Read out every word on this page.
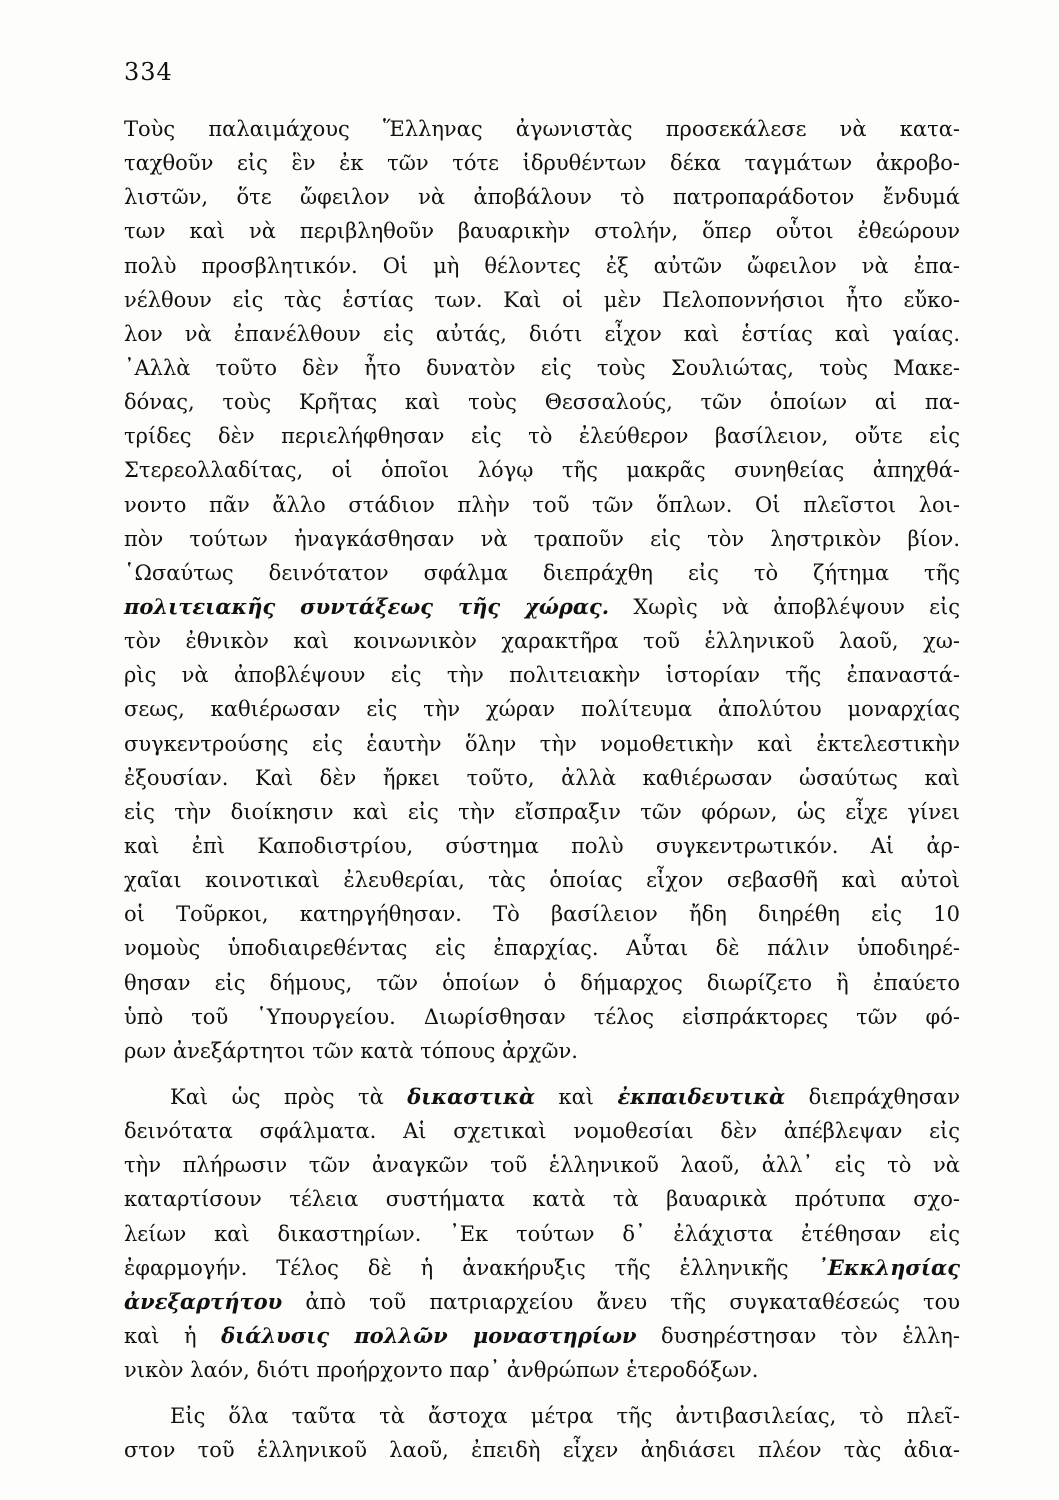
334
Τοὺς παλαιμάχους Ἕλληνας ἀγωνιστὰς προσεκάλεσε νὰ κατα-
ταχθοῦν εἰς ἓν ἐκ τῶν τότε ἱδρυθέντων δέκα ταγμάτων ἀκροβο-
λιστῶν, ὅτε ὤφειλον νὰ ἀποβάλουν τὸ πατροπαράδοτον ἔνδυμά
των καὶ νὰ περιβληθοῦν βαυαρικὴν στολήν, ὅπερ οὗτοι ἐθεώρουν
πολὺ προσβλητικόν. Οἱ μὴ θέλοντες ἐξ αὐτῶν ὤφειλον νὰ ἐπα-
νέλθουν εἰς τὰς ἑστίας των. Καὶ οἱ μὲν Πελοποννήσιοι ἦτο εὔκο-
λον νὰ ἐπανέλθουν εἰς αὐτάς, διότι εἶχον καὶ ἑστίας καὶ γαίας.
᾿Αλλὰ τοῦτο δὲν ἦτο δυνατὸν εἰς τοὺς Σουλιώτας, τοὺς Μακε-
δόνας, τοὺς Κρῆτας καὶ τοὺς Θεσσαλούς, τῶν ὁποίων αἱ πα-
τρίδες δὲν περιελήφθησαν εἰς τὸ ἐλεύθερον βασίλειον, οὔτε εἰς
Στερεολλαδίτας, οἱ ὁποῖοι λόγῳ τῆς μακρᾶς συνηθείας ἀπηχθά-
νοντο πᾶν ἄλλο στάδιον πλὴν τοῦ τῶν ὅπλων. Οἱ πλεῖστοι λοι-
πὸν τούτων ἠναγκάσθησαν νὰ τραποῦν εἰς τὸν ληστρικὸν βίον.
῾Ωσαύτως δεινότατον σφάλμα διεπράχθη εἰς τὸ ζήτημα τῆς
πολιτειακῆς συντάξεως τῆς χώρας. Χωρὶς νὰ ἀποβλέψουν εἰς
τὸν ἐθνικὸν καὶ κοινωνικὸν χαρακτῆρα τοῦ ἑλληνικοῦ λαοῦ, χω-
ρὶς νὰ ἀποβλέψουν εἰς τὴν πολιτειακὴν ἱστορίαν τῆς ἐπαναστά-
σεως, καθιέρωσαν εἰς τὴν χώραν πολίτευμα ἀπολύτου μοναρχίας
συγκεντρούσης εἰς ἑαυτὴν ὅλην τὴν νομοθετικὴν καὶ ἐκτελεστικὴν
ἐξουσίαν. Καὶ δὲν ἤρκει τοῦτο, ἀλλὰ καθιέρωσαν ὡσαύτως καὶ
εἰς τὴν διοίκησιν καὶ εἰς τὴν εἴσπραξιν τῶν φόρων, ὡς εἶχε γίνει
καὶ ἐπὶ Καποδιστρίου, σύστημα πολὺ συγκεντρωτικόν. Αἱ ἀρ-
χαῖαι κοινοτικαὶ ἐλευθερίαι, τὰς ὁποίας εἶχον σεβασθῆ καὶ αὐτοὶ
οἱ Τοῦρκοι, κατηργήθησαν. Τὸ βασίλειον ἤδη διηρέθη εἰς 10
νομοὺς ὑποδιαιρεθέντας εἰς ἐπαρχίας. Αὗται δὲ πάλιν ὑποδιηρέ-
θησαν εἰς δήμους, τῶν ὁποίων ὁ δήμαρχος διωρίζετο ἢ ἐπαύετο
ὑπὸ τοῦ ῾Υπουργείου. Διωρίσθησαν τέλος εἰσπράκτορες τῶν φό-
ρων ἀνεξάρτητοι τῶν κατὰ τόπους ἀρχῶν.
Καὶ ὡς πρὸς τὰ δικαστικὰ καὶ ἐκπαιδευτικὰ διεπράχθησαν
δεινότατα σφάλματα. Αἱ σχετικαὶ νομοθεσίαι δὲν ἀπέβλεψαν εἰς
τὴν πλήρωσιν τῶν ἀναγκῶν τοῦ ἑλληνικοῦ λαοῦ, ἀλλ᾿ εἰς τὸ νὰ
καταρτίσουν τέλεια συστήματα κατὰ τὰ βαυαρικὰ πρότυπα σχο-
λείων καὶ δικαστηρίων. ᾿Εκ τούτων δ᾿ ἐλάχιστα ἐτέθησαν εἰς
ἐφαρμογήν. Τέλος δὲ ἡ ἀνακήρυξις τῆς ἑλληνικῆς ᾿Εκκλησίας
ἀνεξαρτήτου ἀπὸ τοῦ πατριαρχείου ἄνευ τῆς συγκαταθέσεώς του
καὶ ἡ διάλυσις πολλῶν μοναστηρίων δυσηρέστησαν τὸν ἑλλη-
νικὸν λαόν, διότι προήρχοντο παρ᾿ ἀνθρώπων ἑτεροδόξων.
Εἰς ὅλα ταῦτα τὰ ἄστοχα μέτρα τῆς ἀντιβασιλείας, τὸ πλεῖ-
στον τοῦ ἑλληνικοῦ λαοῦ, ἐπειδὴ εἶχεν ἀηδιάσει πλέον τὰς ἀδια-
